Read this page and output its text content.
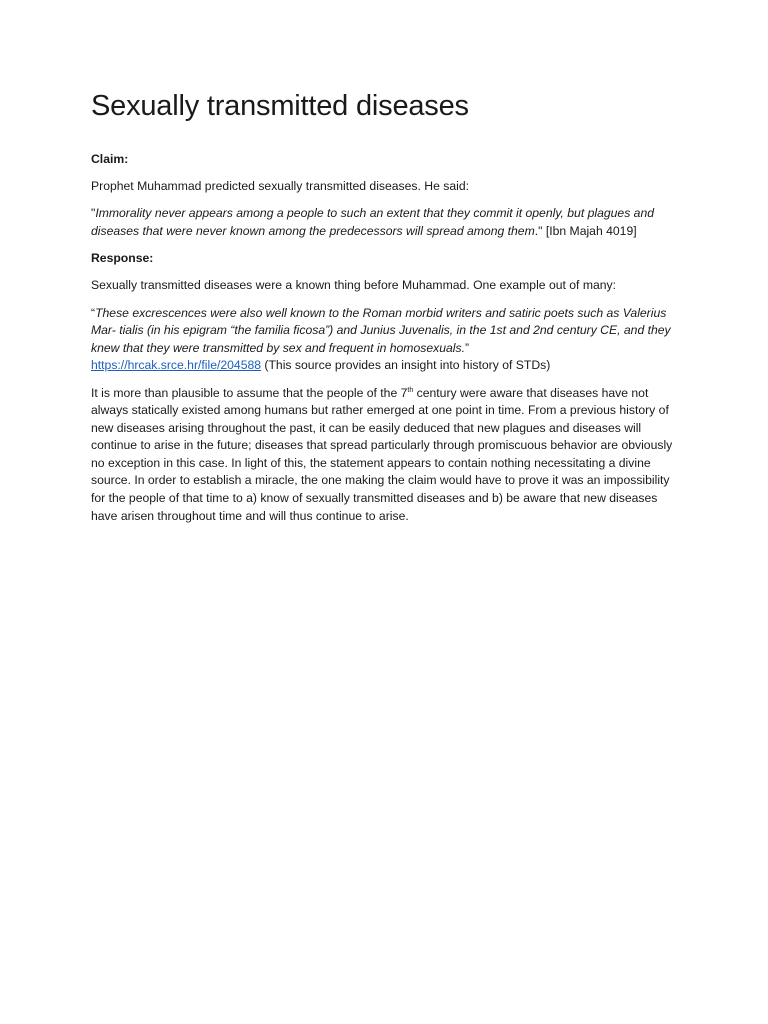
Sexually transmitted diseases

Claim:

Prophet Muhammad predicted sexually transmitted diseases. He said:

"Immorality never appears among a people to such an extent that they commit it openly, but plagues and diseases that were never known among the predecessors will spread among them." [Ibn Majah 4019]

Response:

Sexually transmitted diseases were a known thing before Muhammad. One example out of many:

“These excrescences were also well known to the Roman morbid writers and satiric poets such as Valerius Mar- tialis (in his epigram “the familia ficosa”) and Junius Juvenalis, in the 1st and 2nd century CE, and they knew that they were transmitted by sex and frequent in homosexuals.”
https://hrcak.srce.hr/file/204588 (This source provides an insight into history of STDs)

It is more than plausible to assume that the people of the 7th century were aware that diseases have not always statically existed among humans but rather emerged at one point in time. From a previous history of new diseases arising throughout the past, it can be easily deduced that new plagues and diseases will continue to arise in the future; diseases that spread particularly through promiscuous behavior are obviously no exception in this case. In light of this, the statement appears to contain nothing necessitating a divine source. In order to establish a miracle, the one making the claim would have to prove it was an impossibility for the people of that time to a) know of sexually transmitted diseases and b) be aware that new diseases have arisen throughout time and will thus continue to arise.
